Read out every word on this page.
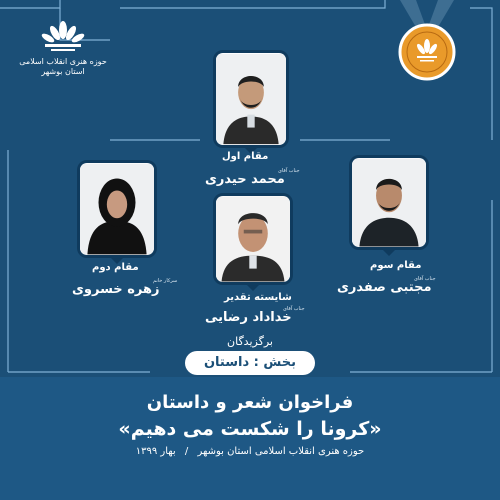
حوزه هنری انقلاب اسلامی
استان بوشهر
مقام اول
جناب آقای
محمد حیدری
مقام دوم
سرکار خانم
زهره خسروی
مقام سوم
جناب آقای
مجتبی صفدری
شایسته تقدیر
جناب آقای
خداداد رضایی
برگزیدگان
بخش : داستان
فراخوان شعر و داستان
«کرونا را شکست می دهیم»
حوزه هنری انقلاب اسلامی استان بوشهر / بهار ۱۳۹۹
